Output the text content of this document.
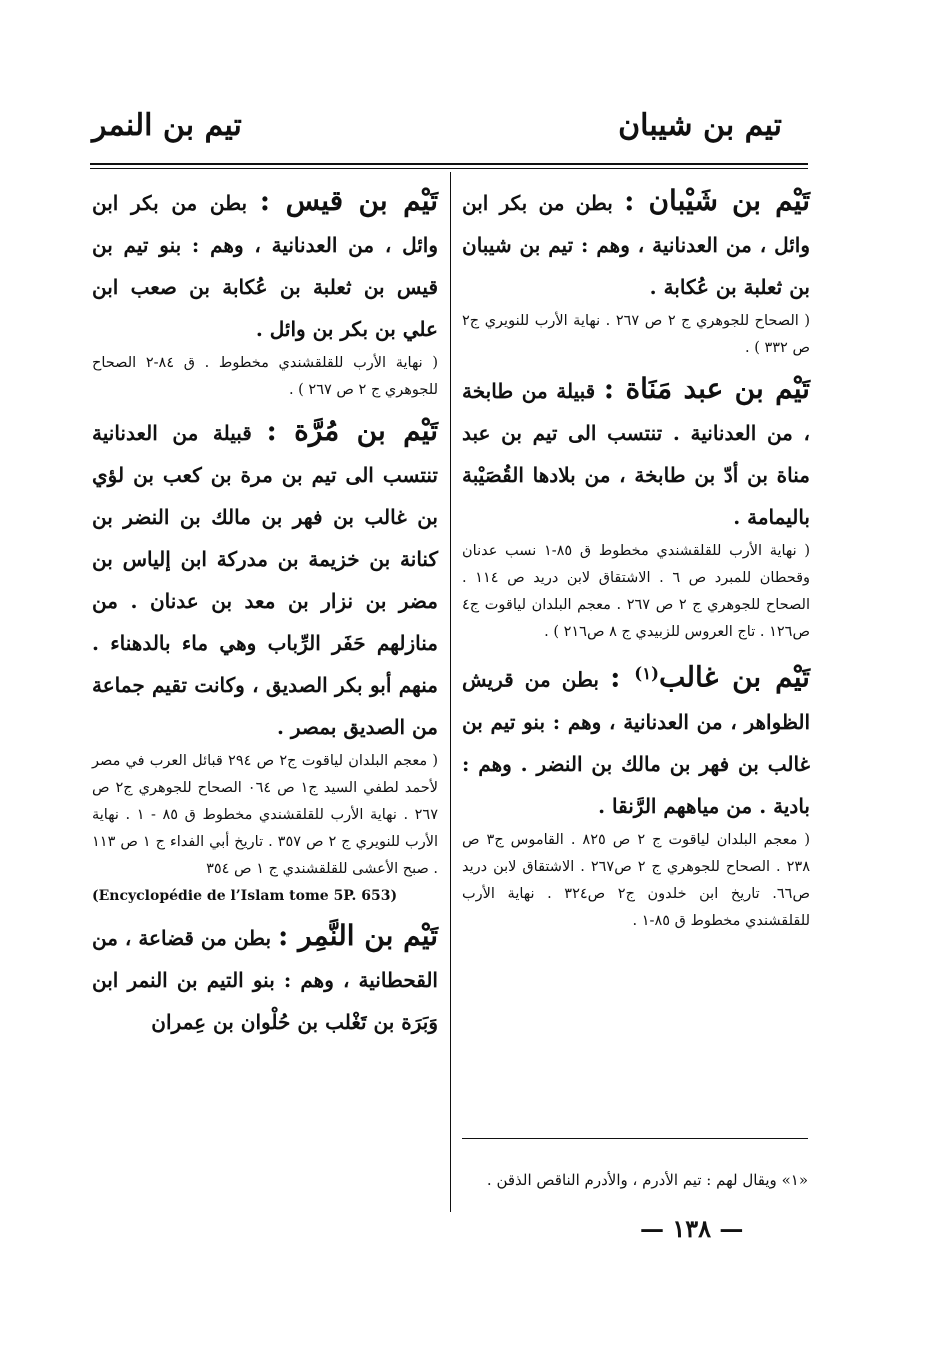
تيم بن شيبان
تيم بن النمر

تَيْم بن شَيْبان : بطن من بكر ابن وائل ، من العدنانية ، وهم : تيم بن شيبان بن ثعلبة بن عُكابة .

( الصحاح للجوهري ج ٢ ص ٢٦٧ . نهاية الأرب للنويري ج٢ ص ٣٣٢ ) .

تَيْم بن عبد مَنَاة : قبيلة من طابخة ، من العدنانية . تنتسب الى تيم بن عبد مناة بن أدّ بن طابخة ، من بلادها القُصَيْبة باليمامة .

( نهاية الأرب للقلقشندي مخطوط ق ٨٥-١ نسب عدنان وقحطان للمبرد ص ٦ . الاشتقاق لابن دريد ص ١١٤ . الصحاح للجوهري ج ٢ ص ٢٦٧ . معجم البلدان لياقوت ج٤ ص١٢٦ . تاج العروس للزبيدي ج ٨ ص٢١٦ ) .

تَيْم بن غالب$^{(١)}$ : بطن من قريش الظواهر ، من العدنانية ، وهم : بنو تيم بن غالب بن فهر بن مالك بن النضر . وهم : بادية . من مياههم الرَّنقا .

( معجم البلدان لياقوت ج ٢ ص ٨٢٥ . القاموس ج٣ ص ٢٣٨ . الصحاح للجوهري ج ٢ ص٢٦٧ . الاشتقاق لابن دريد ص٦٦. تاريخ ابن خلدون ج٢ ص٣٢٤ . نهاية الأرب للقلقشندي مخطوط ق ٨٥-١ .

تَيْم بن قيس : بطن من بكر ابن وائل ، من العدنانية ، وهم : بنو تيم بن قيس بن ثعلبة بن عُكابة بن صعب ابن علي بن بكر بن وائل .

( نهاية الأرب للقلقشندي مخطوط . ق ٨٤-٢ الصحاح للجوهري ج ٢ ص ٢٦٧ ) .

تَيْم بن مُرَّة : قبيلة من العدنانية تنتسب الى تيم بن مرة بن كعب بن لؤي بن غالب بن فهر بن مالك بن النضر بن كنانة بن خزيمة بن مدركة ابن إلياس بن مضر بن نزار بن معد بن عدنان . من منازلهم حَفَر الرِّباب وهي ماء بالدهناء . منهم أبو بكر الصديق ، وكانت تقيم جماعة من الصديق بمصر .

( معجم البلدان لياقوت ج٢ ص ٢٩٤ قبائل العرب في مصر لأحمد لطفي السيد ج١ ص ٠٦٤ الصحاح للجوهري ج٢ ص ٢٦٧ . نهاية الأرب للقلقشندي مخطوط ق ٨٥ - ١ . نهاية الأرب للنويري ج ٢ ص ٣٥٧ . تاريخ أبي الفداء ج ١ ص ١١٣ . صبح الأعشى للقلقشندي ج ١ ص ٣٥٤

(Encyclopédie de l’Islam tome 5P. 653)

تَيْم بن النَّمِر : بطن من قضاعة ، من القحطانية ، وهم : بنو التيم بن النمر ابن وَبَرَة بن تَغْلب بن حُلْوان بن عِمران

«١» ويقال لهم : تيم الأدرم ، والأدرم الناقص الذقن .

— ١٣٨ —
